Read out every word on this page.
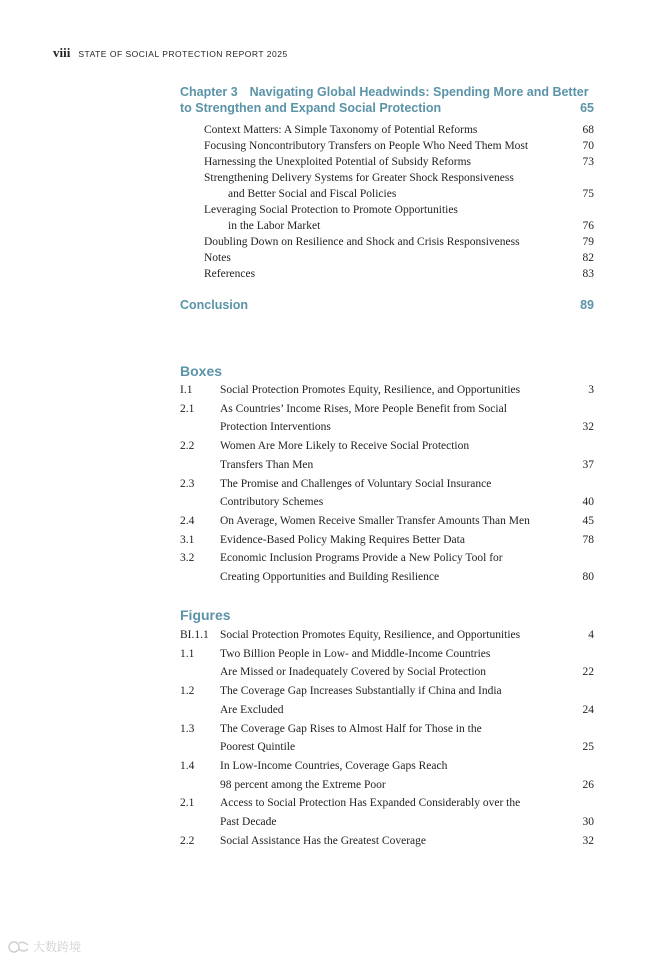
viii STATE OF SOCIAL PROTECTION REPORT 2025
Chapter 3 Navigating Global Headwinds: Spending More and Better
to Strengthen and Expand Social Protection	65
Context Matters: A Simple Taxonomy of Potential Reforms	68
Focusing Noncontributory Transfers on People Who Need Them Most	70
Harnessing the Unexploited Potential of Subsidy Reforms	73
Strengthening Delivery Systems for Greater Shock Responsiveness
and Better Social and Fiscal Policies	75
Leveraging Social Protection to Promote Opportunities
in the Labor Market	76
Doubling Down on Resilience and Shock and Crisis Responsiveness	79
Notes	82
References	83
Conclusion	89
Boxes
I.1 Social Protection Promotes Equity, Resilience, and Opportunities	3
2.1 As Countries’ Income Rises, More People Benefit from Social
Protection Interventions	32
2.2 Women Are More Likely to Receive Social Protection
Transfers Than Men	37
2.3 The Promise and Challenges of Voluntary Social Insurance
Contributory Schemes	40
2.4 On Average, Women Receive Smaller Transfer Amounts Than Men	45
3.1 Evidence-Based Policy Making Requires Better Data	78
3.2 Economic Inclusion Programs Provide a New Policy Tool for
Creating Opportunities and Building Resilience	80
Figures
BI.1.1 Social Protection Promotes Equity, Resilience, and Opportunities	4
1.1 Two Billion People in Low- and Middle-Income Countries
Are Missed or Inadequately Covered by Social Protection	22
1.2 The Coverage Gap Increases Substantially if China and India
Are Excluded	24
1.3 The Coverage Gap Rises to Almost Half for Those in the
Poorest Quintile	25
1.4 In Low-Income Countries, Coverage Gaps Reach
98 percent among the Extreme Poor	26
2.1 Access to Social Protection Has Expanded Considerably over the
Past Decade	30
2.2 Social Assistance Has the Greatest Coverage	32
大数跨境
